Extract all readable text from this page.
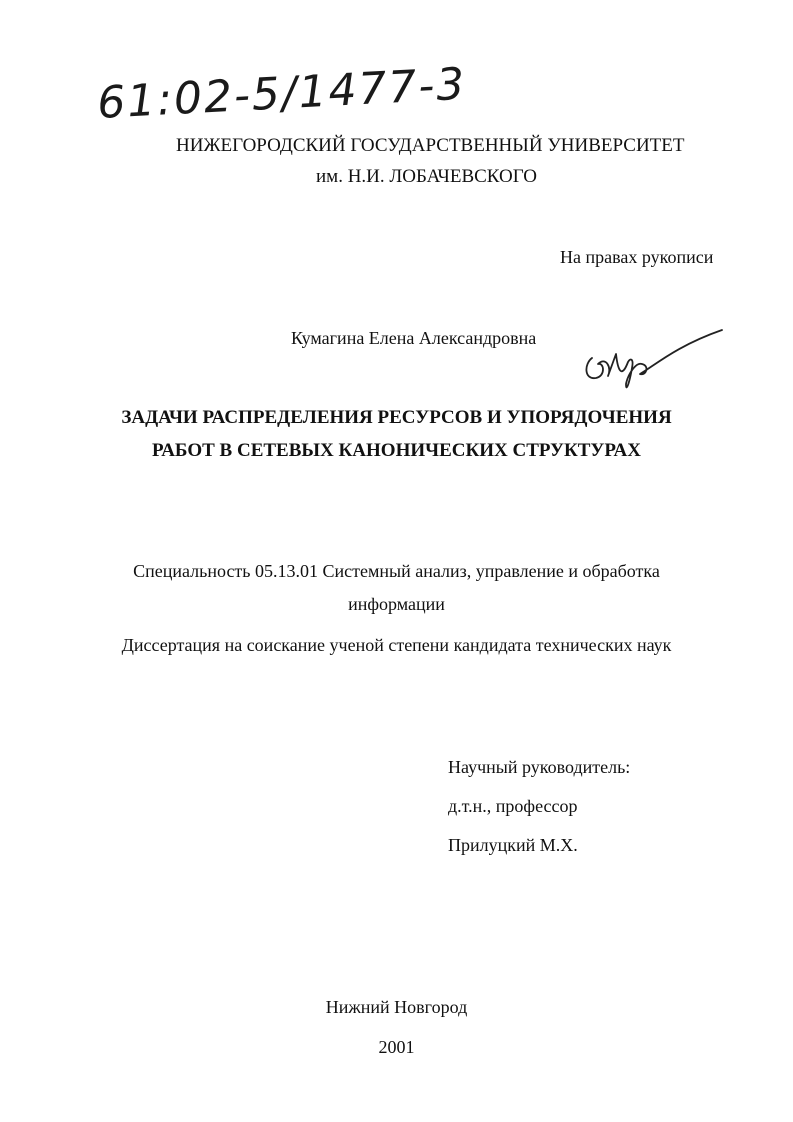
61:02-5/1477-3
НИЖЕГОРОДСКИЙ ГОСУДАРСТВЕННЫЙ УНИВЕРСИТЕТ
им. Н.И. ЛОБАЧЕВСКОГО
На правах рукописи
Кумагина Елена Александровна
ЗАДАЧИ РАСПРЕДЕЛЕНИЯ РЕСУРСОВ И УПОРЯДОЧЕНИЯ
РАБОТ В СЕТЕВЫХ КАНОНИЧЕСКИХ СТРУКТУРАХ
Специальность 05.13.01 Системный анализ, управление и обработка
информации
Диссертация на соискание ученой степени кандидата технических наук
Научный руководитель:
д.т.н., профессор
Прилуцкий М.Х.
Нижний Новгород
2001
